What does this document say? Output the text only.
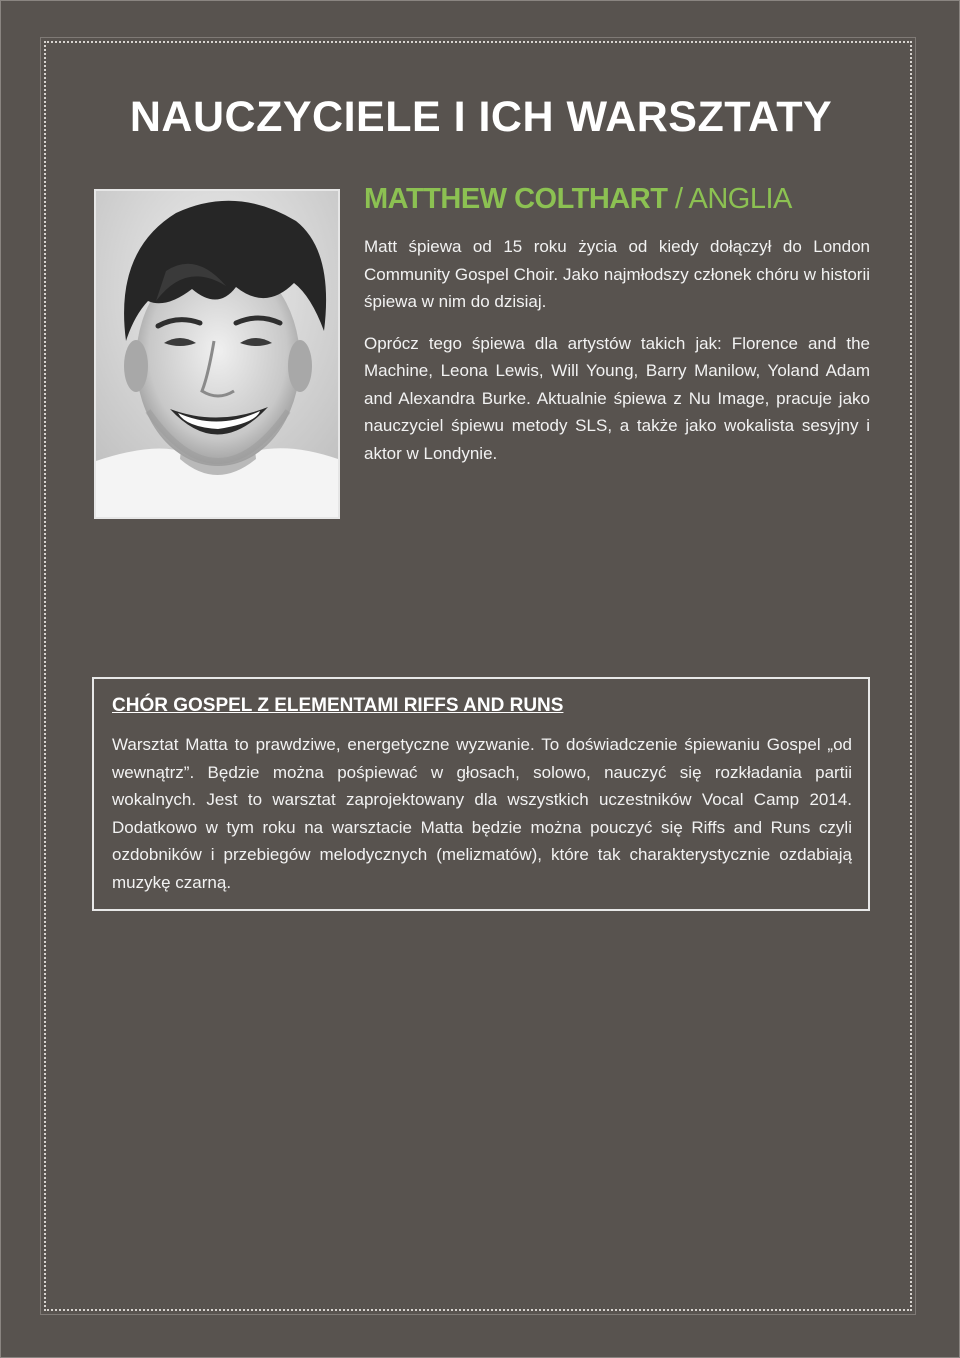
NAUCZYCIELE I ICH WARSZTATY
MATTHEW COLTHART / ANGLIA

Matt śpiewa od 15 roku życia od kiedy dołączył do London Community Gospel Choir. Jako najmłodszy członek chóru w historii śpiewa w nim do dzisiaj.

Oprócz tego śpiewa dla artystów takich jak: Florence and the Machine, Leona Lewis, Will Young, Barry Manilow, Yoland Adam and Alexandra Burke. Aktualnie śpiewa z Nu Image, pracuje jako nauczyciel śpiewu metody SLS, a także jako wokalista sesyjny i aktor w Londynie.

CHÓR GOSPEL Z ELEMENTAMI RIFFS AND RUNS

Warsztat Matta to prawdziwe, energetyczne wyzwanie. To doświadczenie śpiewaniu Gospel „od wewnątrz”. Będzie można pośpiewać w głosach, solowo, nauczyć się rozkładania partii wokalnych. Jest to warsztat zaprojektowany dla wszystkich uczestników Vocal Camp 2014. Dodatkowo w tym roku na warsztacie Matta będzie można pouczyć się Riffs and Runs czyli ozdobników i przebiegów melodycznych (melizmatów), które tak charakterystycznie ozdabiają muzykę czarną.
